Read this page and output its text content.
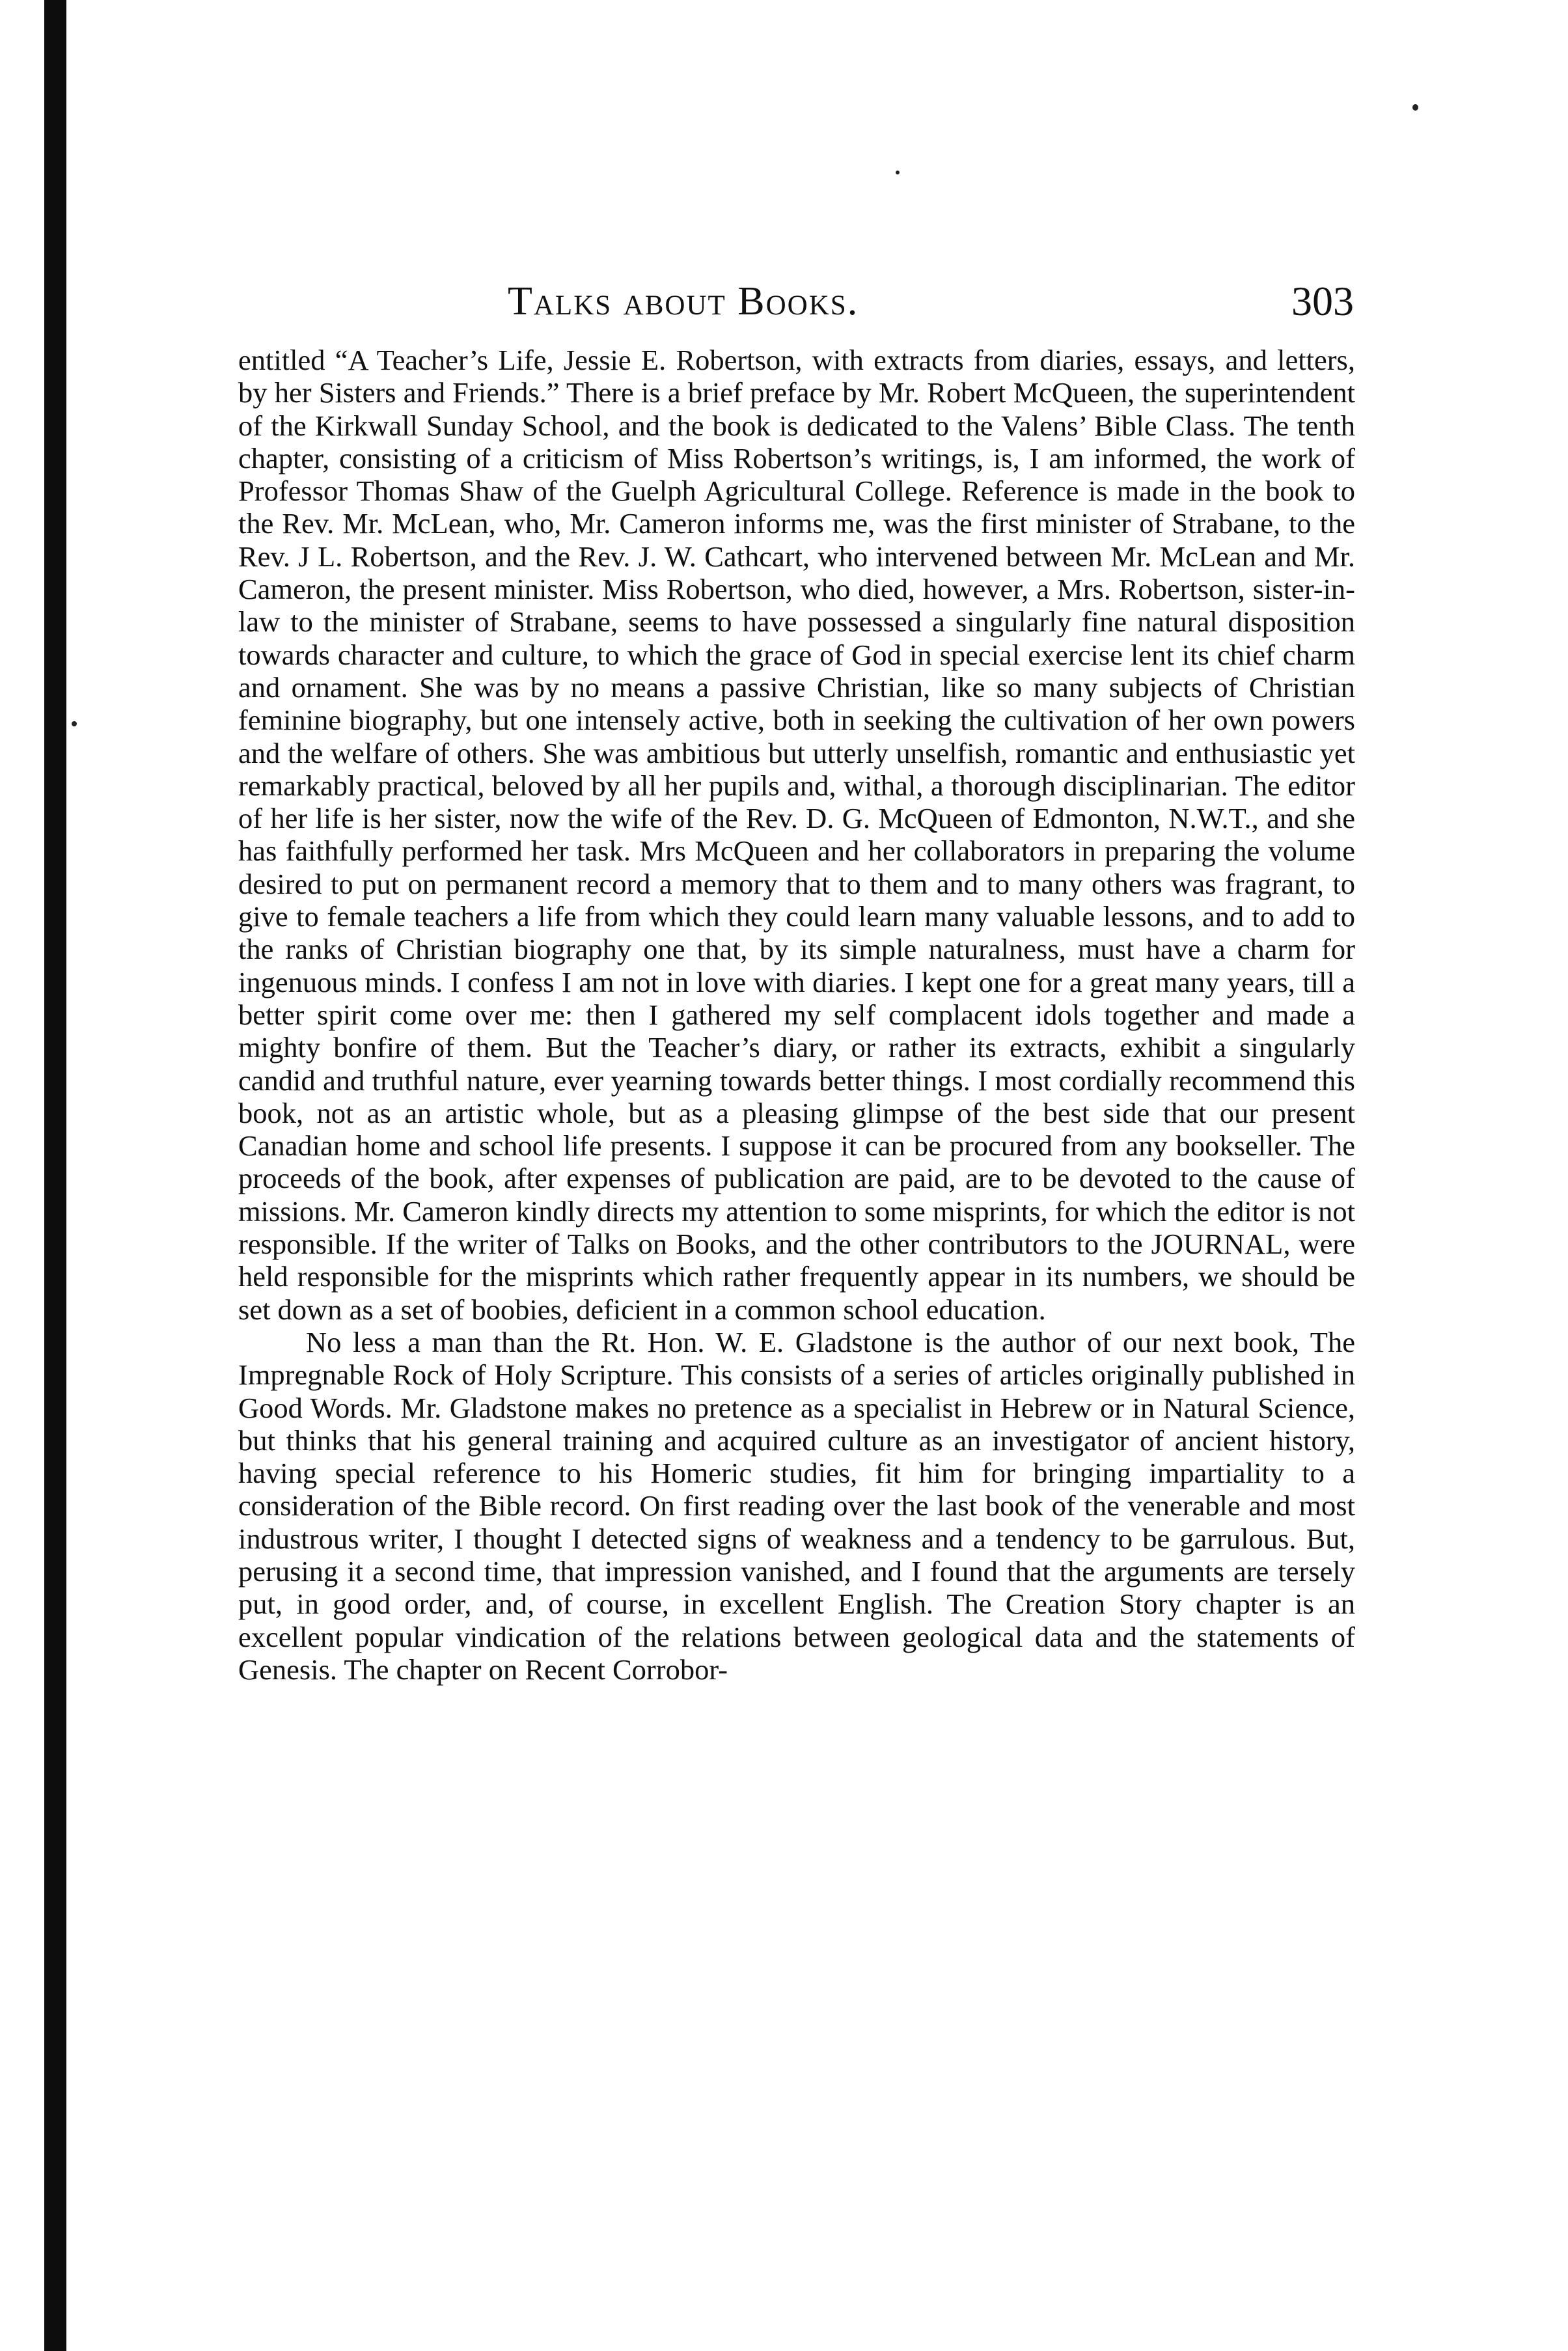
Talks about Books.	303

entitled “A Teacher’s Life, Jessie E. Robertson, with extracts from diaries, essays, and letters, by her Sisters and Friends.” There is a brief preface by Mr. Robert McQueen, the superintendent of the Kirkwall Sunday School, and the book is dedicated to the Valens’ Bible Class. The tenth chapter, consisting of a criticism of Miss Robertson’s writings, is, I am informed, the work of Professor Thomas Shaw of the Guelph Agricultural College. Reference is made in the book to the Rev. Mr. McLean, who, Mr. Cameron informs me, was the first minister of Strabane, to the Rev. J L. Robertson, and the Rev. J. W. Cathcart, who intervened between Mr. McLean and Mr. Cameron, the present minister. Miss Robertson, who died, however, a Mrs. Robertson, sister-in-law to the minister of Strabane, seems to have possessed a singularly fine natural disposition towards character and culture, to which the grace of God in special exercise lent its chief charm and ornament. She was by no means a passive Christian, like so many subjects of Christian feminine biography, but one intensely active, both in seeking the cultivation of her own powers and the welfare of others. She was ambitious but utterly unselfish, romantic and enthusiastic yet remarkably practical, beloved by all her pupils and, withal, a thorough disciplinarian. The editor of her life is her sister, now the wife of the Rev. D. G. McQueen of Edmonton, N.W.T., and she has faithfully performed her task. Mrs McQueen and her collaborators in preparing the volume desired to put on permanent record a memory that to them and to many others was fragrant, to give to female teachers a life from which they could learn many valuable lessons, and to add to the ranks of Christian biography one that, by its simple naturalness, must have a charm for ingenuous minds. I confess I am not in love with diaries. I kept one for a great many years, till a better spirit come over me: then I gathered my self complacent idols together and made a mighty bonfire of them. But the Teacher’s diary, or rather its extracts, exhibit a singularly candid and truthful nature, ever yearning towards better things. I most cordially recommend this book, not as an artistic whole, but as a pleasing glimpse of the best side that our present Canadian home and school life presents. I suppose it can be procured from any bookseller. The proceeds of the book, after expenses of publication are paid, are to be devoted to the cause of missions. Mr. Cameron kindly directs my attention to some misprints, for which the editor is not responsible. If the writer of Talks on Books, and the other contributors to the JOURNAL, were held responsible for the misprints which rather frequently appear in its numbers, we should be set down as a set of boobies, deficient in a common school education.

No less a man than the Rt. Hon. W. E. Gladstone is the author of our next book, The Impregnable Rock of Holy Scripture. This consists of a series of articles originally published in Good Words. Mr. Gladstone makes no pretence as a specialist in Hebrew or in Natural Science, but thinks that his general training and acquired culture as an investigator of ancient history, having special reference to his Homeric studies, fit him for bringing impartiality to a consideration of the Bible record. On first reading over the last book of the venerable and most industrous writer, I thought I detected signs of weakness and a tendency to be garrulous. But, perusing it a second time, that impression vanished, and I found that the arguments are tersely put, in good order, and, of course, in excellent English. The Creation Story chapter is an excellent popular vindication of the relations between geological data and the statements of Genesis. The chapter on Recent Corrobor-
